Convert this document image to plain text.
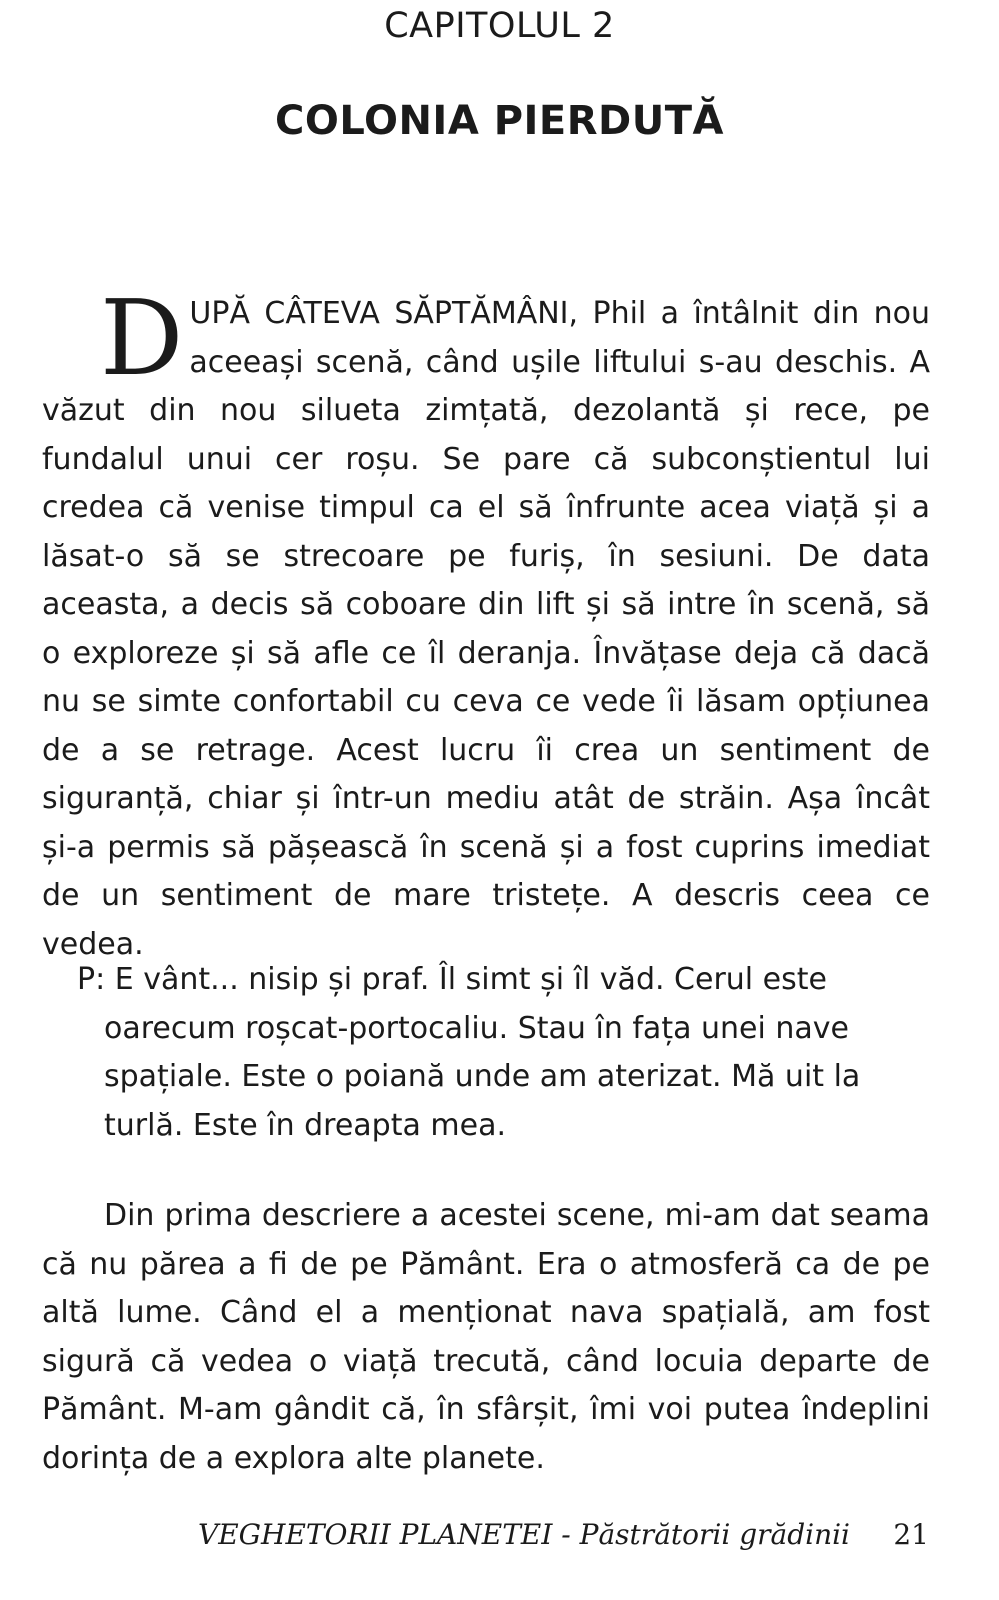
CAPITOLUL 2
COLONIA PIERDUTĂ

DUPĂ CÂTEVA SĂPTĂMÂNI, Phil a întâlnit din nou aceeași scenă, când ușile liftului s-au deschis. A văzut din nou silueta zimțată, dezolantă și rece, pe fundalul unui cer roșu. Se pare că subconștientul lui credea că venise timpul ca el să înfrunte acea viață și a lăsat-o să se strecoare pe furiș, în sesiuni. De data aceasta, a decis să coboare din lift și să intre în scenă, să o exploreze și să afle ce îl deranja. Învățase deja că dacă nu se simte confortabil cu ceva ce vede îi lăsam opțiunea de a se retrage. Acest lucru îi crea un sentiment de siguranță, chiar și într-un mediu atât de străin. Așa încât și-a permis să pășească în scenă și a fost cuprins imediat de un sentiment de mare tristețe. A descris ceea ce vedea.

P: E vânt... nisip și praf. Îl simt și îl văd. Cerul este oarecum roșcat-portocaliu. Stau în fața unei nave spațiale. Este o poiană unde am aterizat. Mă uit la turlă. Este în dreapta mea.

Din prima descriere a acestei scene, mi-am dat seama că nu părea a fi de pe Pământ. Era o atmosferă ca de pe altă lume. Când el a menționat nava spațială, am fost sigură că vedea o viață trecută, când locuia departe de Pământ. M-am gândit că, în sfârșit, îmi voi putea îndeplini dorința de a explora alte planete.

VEGHETORII PLANETEI - Păstrătorii grădinii 21
